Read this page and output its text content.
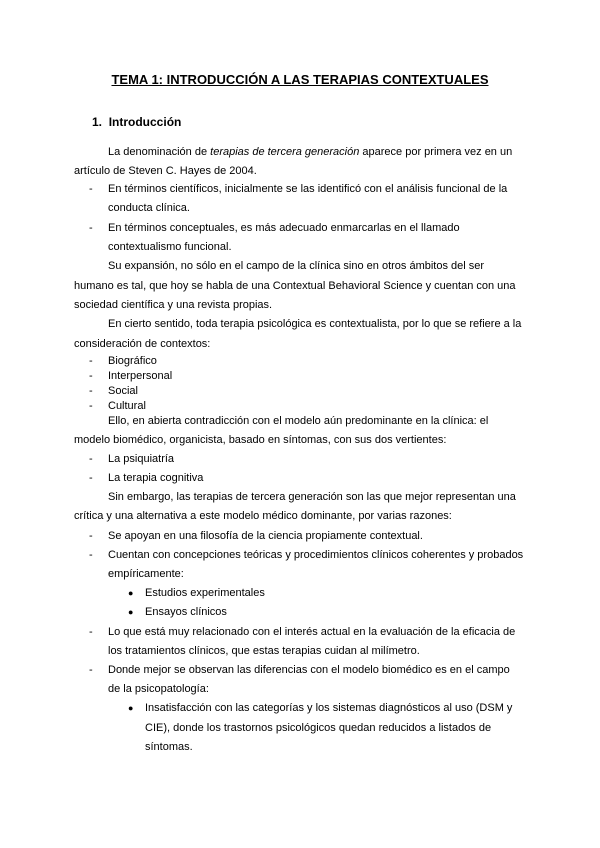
TEMA 1: INTRODUCCIÓN A LAS TERAPIAS CONTEXTUALES
1. Introducción
La denominación de terapias de tercera generación aparece por primera vez en un
artículo de Steven C. Hayes de 2004.
- En términos científicos, inicialmente se las identificó con el análisis funcional de la
conducta clínica.
- En términos conceptuales, es más adecuado enmarcarlas en el llamado
contextualismo funcional.
Su expansión, no sólo en el campo de la clínica sino en otros ámbitos del ser
humano es tal, que hoy se habla de una Contextual Behavioral Science y cuentan con una
sociedad científica y una revista propias.
En cierto sentido, toda terapia psicológica es contextualista, por lo que se refiere a la
consideración de contextos:
- Biográfico
- Interpersonal
- Social
- Cultural
Ello, en abierta contradicción con el modelo aún predominante en la clínica: el
modelo biomédico, organicista, basado en síntomas, con sus dos vertientes:
- La psiquiatría
- La terapia cognitiva
Sin embargo, las terapias de tercera generación son las que mejor representan una
crítica y una alternativa a este modelo médico dominante, por varias razones:
- Se apoyan en una filosofía de la ciencia propiamente contextual.
- Cuentan con concepciones teóricas y procedimientos clínicos coherentes y probados
empíricamente:
● Estudios experimentales
● Ensayos clínicos
- Lo que está muy relacionado con el interés actual en la evaluación de la eficacia de
los tratamientos clínicos, que estas terapias cuidan al milímetro.
- Donde mejor se observan las diferencias con el modelo biomédico es en el campo
de la psicopatología:
● Insatisfacción con las categorías y los sistemas diagnósticos al uso (DSM y
CIE), donde los trastornos psicológicos quedan reducidos a listados de
síntomas.
